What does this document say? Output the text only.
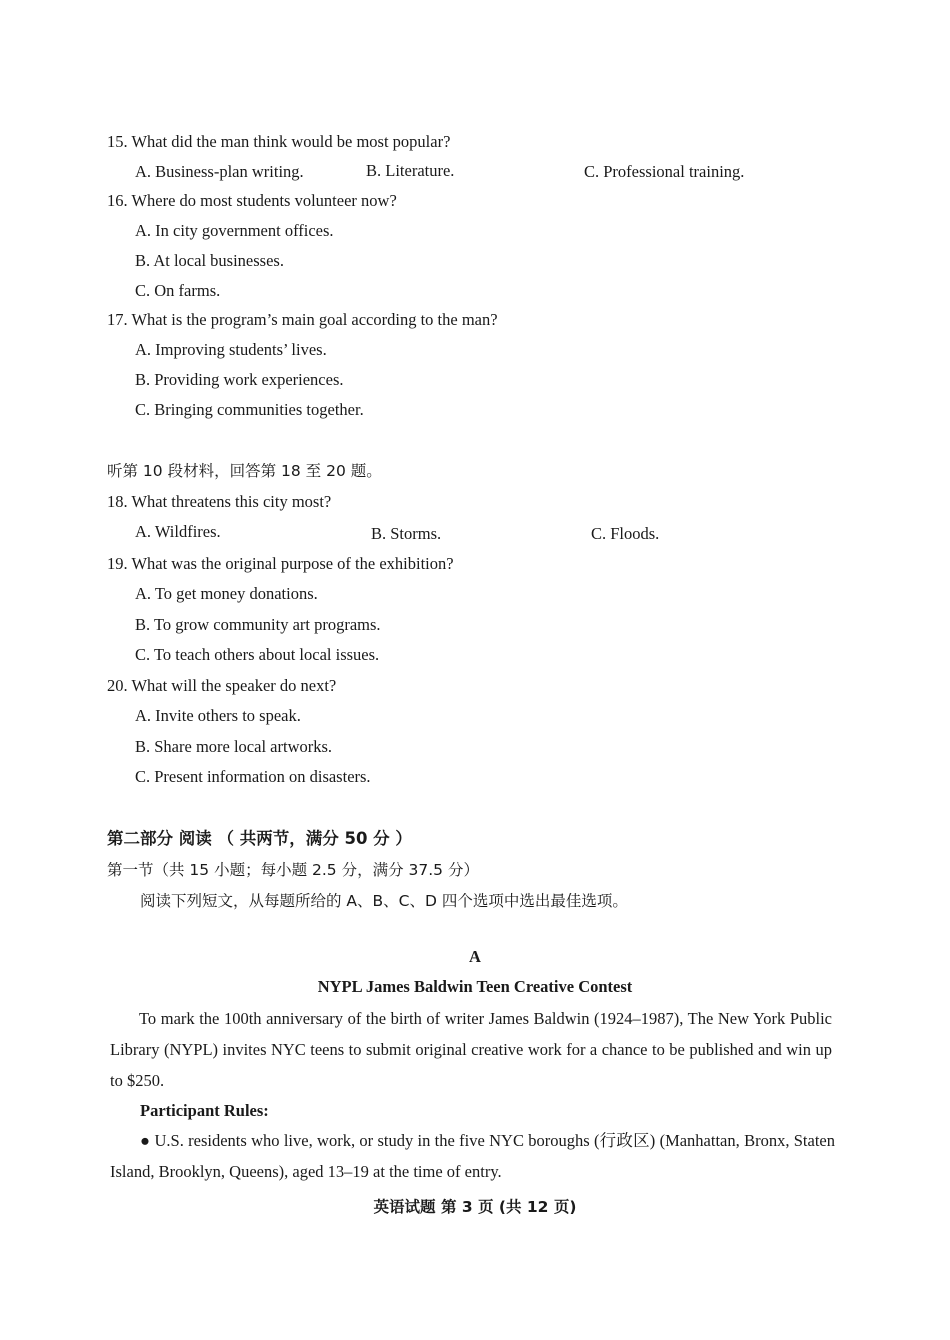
15. What did the man think would be most popular?
A. Business-plan writing.	B. Literature.	C. Professional training.
16. Where do most students volunteer now?
A. In city government offices.
B. At local businesses.
C. On farms.
17. What is the program’s main goal according to the man?
A. Improving students’ lives.
B. Providing work experiences.
C. Bringing communities together.
听第 10 段材料，回答第 18 至 20 题。
18. What threatens this city most?
A. Wildfires.	B. Storms.	C. Floods.
19. What was the original purpose of the exhibition?
A. To get money donations.
B. To grow community art programs.
C. To teach others about local issues.
20. What will the speaker do next?
A. Invite others to speak.
B. Share more local artworks.
C. Present information on disasters.
第二部分 阅读 （ 共两节，满分 50 分 ）
第一节（共 15 小题；每小题 2.5 分，满分 37.5 分）
阅读下列短文，从每题所给的 A、B、C、D 四个选项中选出最佳选项。
A
NYPL James Baldwin Teen Creative Contest
To mark the 100th anniversary of the birth of writer James Baldwin (1924–1987), The New York Public Library (NYPL) invites NYC teens to submit original creative work for a chance to be published and win up to $250.
Participant Rules:
● U.S. residents who live, work, or study in the five NYC boroughs (行政区) (Manhattan, Bronx, Staten Island, Brooklyn, Queens), aged 13–19 at the time of entry.
英语试题 第 3 页 (共 12 页)
